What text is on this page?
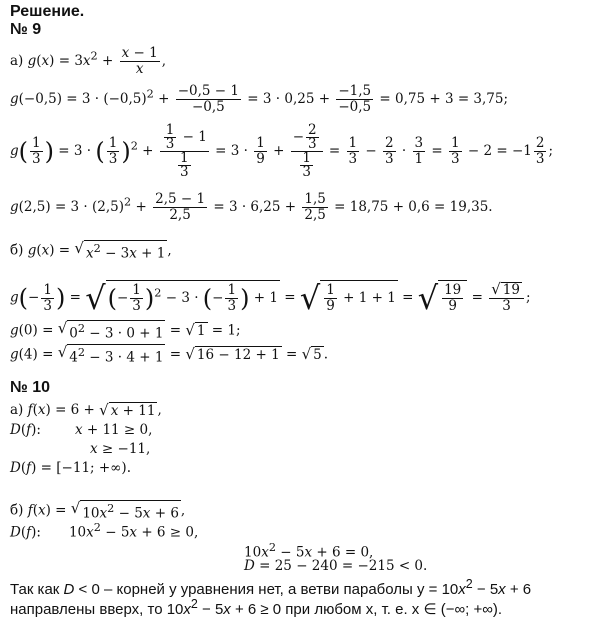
Решение.
№ 9
а) $g(x) = 3x^2 + \frac{x - 1}{x}$ ,
$g(-0,5) = 3 \cdot (-0,5)^2 + \frac{-0,5 - 1}{-0,5} = 3 \cdot 0,25 + \frac{-1,5}{-0,5} = 0,75 + 3 = 3,75$;
$g( \frac{1}{3}$ ) = 3 · ( $\frac{1}{3} )^2 + \frac{\frac{1}{3} - 1}{\frac{1}{3}} = 3 \cdot \frac{1}{9} + \frac{- \frac{2}{3}}{\frac{1}{3}} = \frac{1}{3} - \frac{2}{3} \cdot \frac{3}{1} = \frac{1}{3} - 2 = -1 \frac{2}{3}$ ;
$g(2,5) = 3 \cdot (2,5)^2 + \frac{2,5 - 1}{2,5} = 3 \cdot 6,25 + \frac{1,5}{2,5} = 18,75 + 0,6 = 19,35$.
б) g(x) = √ $x^2 - 3x + 1$ ,
$g(- \frac{1}{3}$ ) = √(− $\frac{1}{3} )^2 - 3$ · (− $\frac{1}{3}$ ) + 1 = √ $\frac{1}{9} + 1 + 1$ = √ $\frac{19}{9} = \frac{√ 19}{3}$ ;
g(0) = √ $0^2 - 3 \cdot 0 + 1$ = √ 1 = 1;
g(4) = √ $4^2 - 3 \cdot 4 + 1$ = √ 16 − 12 + 1 = √ 5 .
№ 10
а) f(x) = 6 + √ x + 11 ,
D(f):	x + 11 ≥ 0,
x ≥ −11,
D(f) = [−11; +∞).
б) f(x) = √ $10x^2 - 5x + 6$ ,
D(f): $10x^2 - 5x + 6 \ge 0$,
$10x^2 - 5x + 6 = 0$,
D = 25 − 240 = −215 < 0.
Так как D < 0 – корней у уравнения нет, а ветви параболы $y = 10x^2 - 5x + 6$
направлены вверх, то $10x^2 - 5x + 6 \ge 0$ при любом x, т. е. x ∈ (−∞; +∞).
